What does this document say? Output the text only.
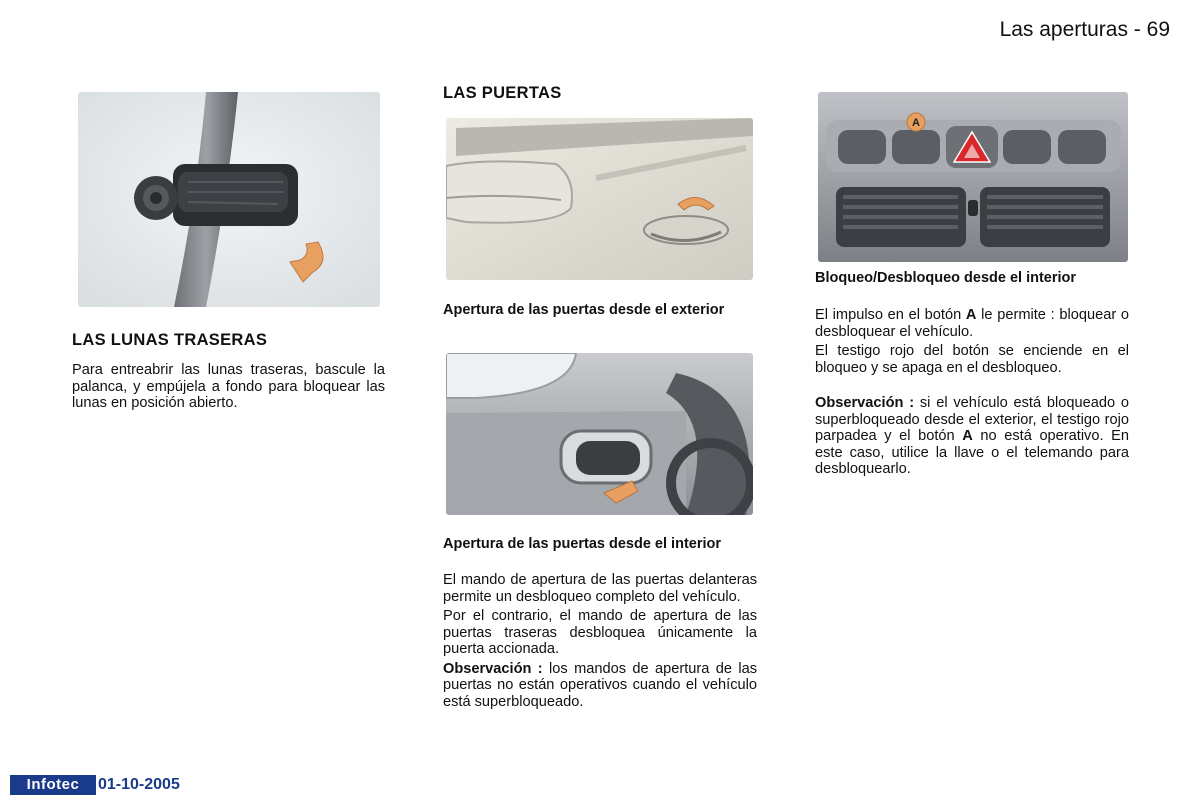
Las aperturas - 69
LAS LUNAS TRASERAS

Para entreabrir las lunas traseras, bascule la palanca, y empújela a fondo para bloquear las lunas en posición abierto.

LAS PUERTAS
Apertura de las puertas desde el exterior
Apertura de las puertas desde el interior

El mando de apertura de las puertas delanteras permite un desbloqueo completo del vehículo.

Por el contrario, el mando de apertura de las puertas traseras desbloquea únicamente la puerta accionada.

Observación : los mandos de apertura de las puertas no están operativos cuando el vehículo está superbloqueado.

A
Bloqueo/Desbloqueo desde el interior

El impulso en el botón A le permite : bloquear o desbloquear el vehículo.

El testigo rojo del botón se enciende en el bloqueo y se apaga en el desbloqueo.

Observación : si el vehículo está bloqueado o superbloqueado desde el exterior, el testigo rojo parpadea y el botón A no está operativo. En este caso, utilice la llave o el telemando para desbloquearlo.

Infotec	01-10-2005
